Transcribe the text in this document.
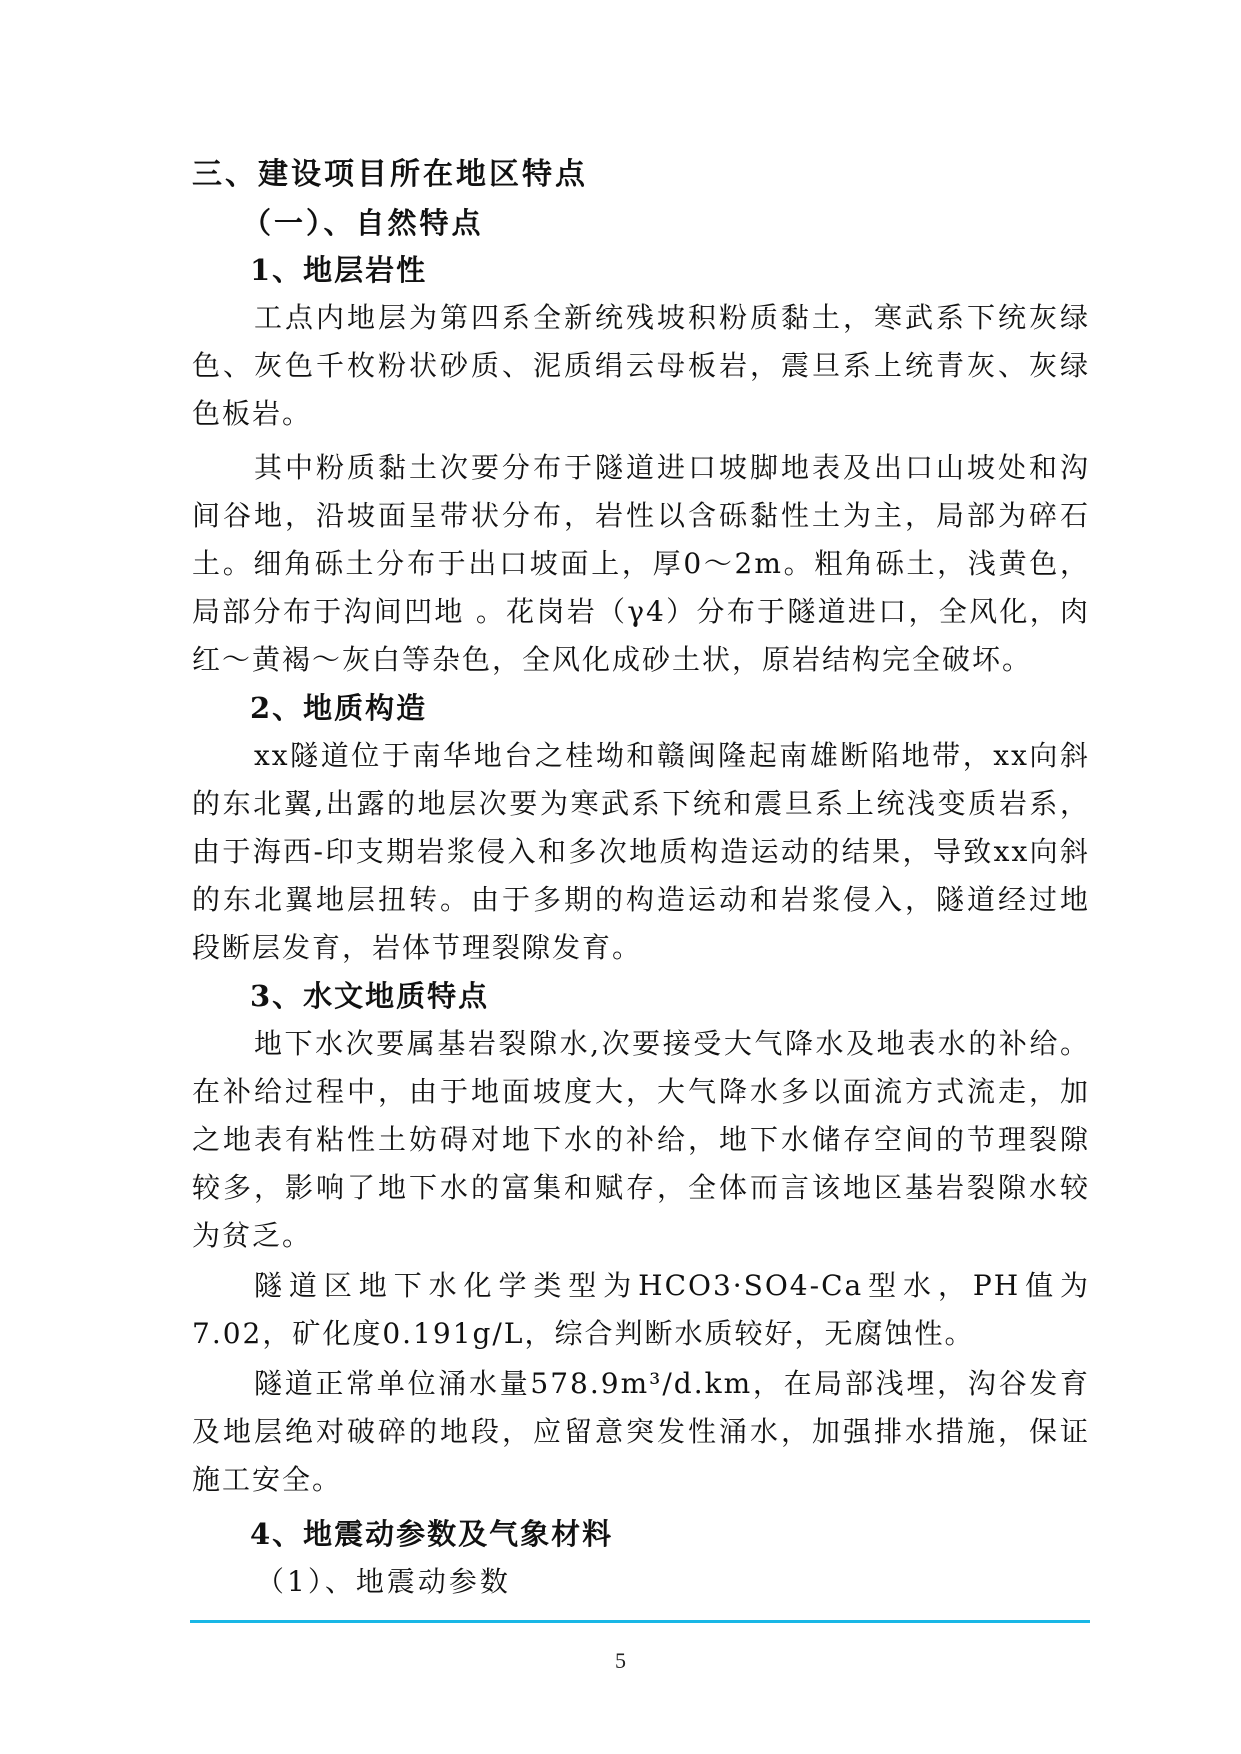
三、建设项目所在地区特点
（一）、自然特点
1、地层岩性

工点内地层为第四系全新统残坡积粉质黏土，寒武系下统灰绿色、灰色千枚粉状砂质、泥质绢云母板岩，震旦系上统青灰、灰绿色板岩。

其中粉质黏土次要分布于隧道进口坡脚地表及出口山坡处和沟间谷地，沿坡面呈带状分布，岩性以含砾黏性土为主，局部为碎石土。细角砾土分布于出口坡面上，厚0～2m。粗角砾土，浅黄色，局部分布于沟间凹地 。花岗岩（γ4）分布于隧道进口，全风化，肉红～黄褐～灰白等杂色，全风化成砂土状，原岩结构完全破坏。

2、地质构造

xx隧道位于南华地台之桂坳和赣闽隆起南雄断陷地带，xx向斜的东北翼,出露的地层次要为寒武系下统和震旦系上统浅变质岩系，由于海西-印支期岩浆侵入和多次地质构造运动的结果，导致xx向斜的东北翼地层扭转。由于多期的构造运动和岩浆侵入，隧道经过地段断层发育，岩体节理裂隙发育。

3、水文地质特点

地下水次要属基岩裂隙水,次要接受大气降水及地表水的补给。在补给过程中，由于地面坡度大，大气降水多以面流方式流走，加之地表有粘性土妨碍对地下水的补给，地下水储存空间的节理裂隙较多，影响了地下水的富集和赋存，全体而言该地区基岩裂隙水较为贫乏。

隧道区地下水化学类型为HCO3·SO4-Ca型水，PH值为7.02，矿化度0.191g/L，综合判断水质较好，无腐蚀性。

隧道正常单位涌水量578.9m³/d.km，在局部浅埋，沟谷发育及地层绝对破碎的地段，应留意突发性涌水，加强排水措施，保证施工安全。

4、地震动参数及气象材料
（1）、地震动参数
5
